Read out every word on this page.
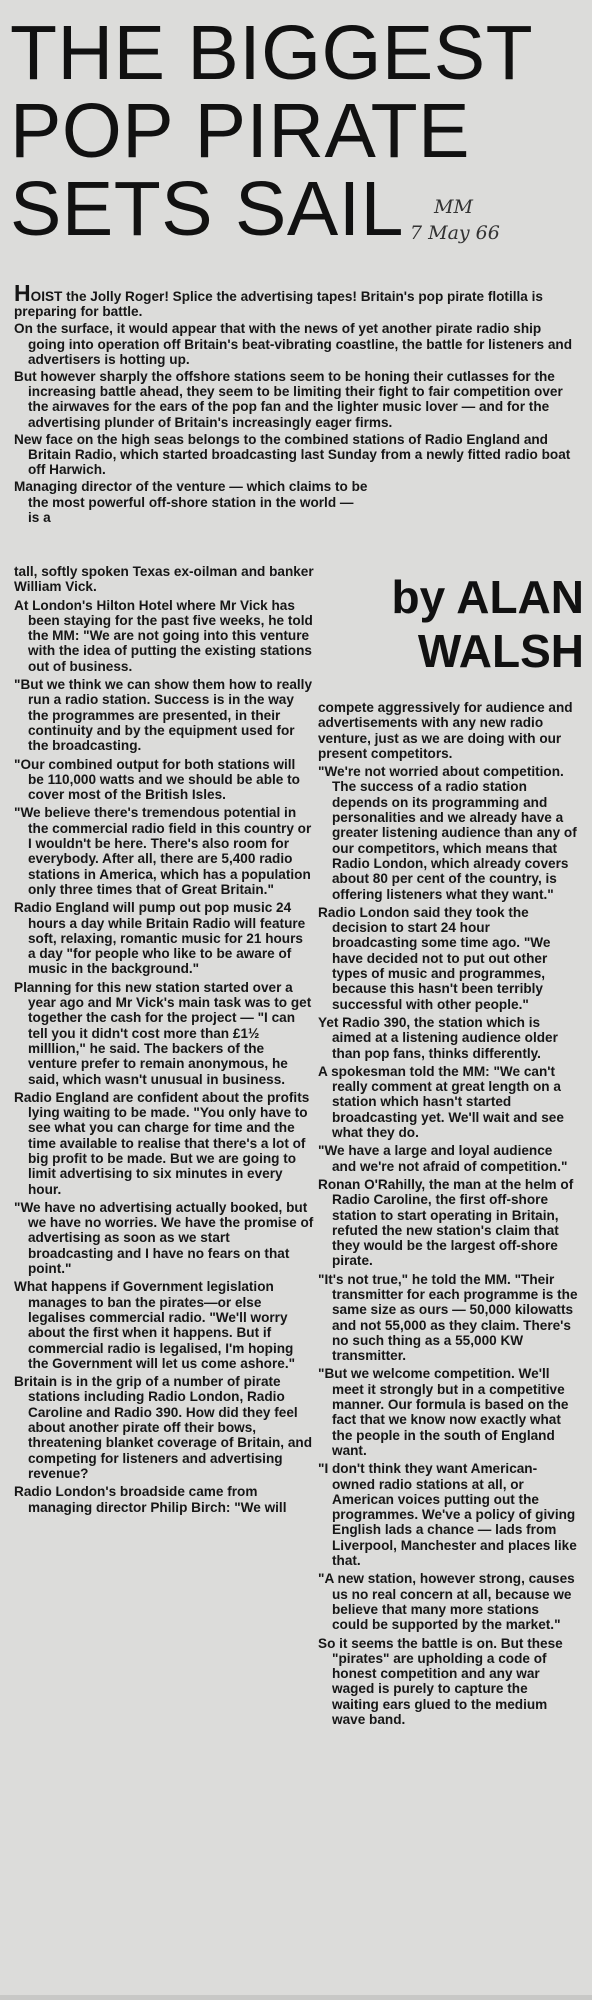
THE BIGGEST
POP PIRATE
SETS SAIL	MM
7 May 66

HOIST the Jolly Roger! Splice the advertising tapes! Britain's pop pirate flotilla is preparing for battle.

On the surface, it would appear that with the news of yet another pirate radio ship going into operation off Britain's beat-vibrating coastline, the battle for listeners and advertisers is hotting up.

But however sharply the offshore stations seem to be honing their cutlasses for the increasing battle ahead, they seem to be limiting their fight to fair competition over the airwaves for the ears of the pop fan and the lighter music lover — and for the advertising plunder of Britain's increasingly eager firms.

New face on the high seas belongs to the combined stations of Radio England and Britain Radio, which started broadcasting last Sunday from a newly fitted radio boat off Harwich.

Managing director of the venture — which claims to be the most powerful off-shore station in the world — is a

by ALAN
WALSH

tall, softly spoken Texas ex-oilman and banker William Vick.

At London's Hilton Hotel where Mr Vick has been staying for the past five weeks, he told the MM: "We are not going into this venture with the idea of putting the existing stations out of business.

"But we think we can show them how to really run a radio station. Success is in the way the programmes are presented, in their continuity and by the equipment used for the broadcasting.

"Our combined output for both stations will be 110,000 watts and we should be able to cover most of the British Isles.

"We believe there's tremendous potential in the commercial radio field in this country or I wouldn't be here. There's also room for everybody. After all, there are 5,400 radio stations in America, which has a population only three times that of Great Britain."

Radio England will pump out pop music 24 hours a day while Britain Radio will feature soft, relaxing, romantic music for 21 hours a day "for people who like to be aware of music in the background."

Planning for this new station started over a year ago and Mr Vick's main task was to get together the cash for the project — "I can tell you it didn't cost more than £1½ milllion," he said. The backers of the venture prefer to remain anonymous, he said, which wasn't unusual in business.

Radio England are confident about the profits lying waiting to be made. "You only have to see what you can charge for time and the time available to realise that there's a lot of big profit to be made. But we are going to limit advertising to six minutes in every hour.

"We have no advertising actually booked, but we have no worries. We have the promise of advertising as soon as we start broadcasting and I have no fears on that point."

What happens if Government legislation manages to ban the pirates—or else legalises commercial radio. "We'll worry about the first when it happens. But if commercial radio is legalised, I'm hoping the Government will let us come ashore."

Britain is in the grip of a number of pirate stations including Radio London, Radio Caroline and Radio 390. How did they feel about another pirate off their bows, threatening blanket coverage of Britain, and competing for listeners and advertising revenue?

Radio London's broadside came from managing director Philip Birch: "We will

compete aggressively for audience and advertisements with any new radio venture, just as we are doing with our present competitors.

"We're not worried about competition. The success of a radio station depends on its programming and personalities and we already have a greater listening audience than any of our competitors, which means that Radio London, which already covers about 80 per cent of the country, is offering listeners what they want."

Radio London said they took the decision to start 24 hour broadcasting some time ago. "We have decided not to put out other types of music and programmes, because this hasn't been terribly successful with other people."

Yet Radio 390, the station which is aimed at a listening audience older than pop fans, thinks differently.

A spokesman told the MM: "We can't really comment at great length on a station which hasn't started broadcasting yet. We'll wait and see what they do.

"We have a large and loyal audience and we're not afraid of competition."

Ronan O'Rahilly, the man at the helm of Radio Caroline, the first off-shore station to start operating in Britain, refuted the new station's claim that they would be the largest off-shore pirate.

"It's not true," he told the MM. "Their transmitter for each programme is the same size as ours — 50,000 kilowatts and not 55,000 as they claim. There's no such thing as a 55,000 KW transmitter.

"But we welcome competition. We'll meet it strongly but in a competitive manner. Our formula is based on the fact that we know now exactly what the people in the south of England want.

"I don't think they want American-owned radio stations at all, or American voices putting out the programmes. We've a policy of giving English lads a chance — lads from Liverpool, Manchester and places like that.

"A new station, however strong, causes us no real concern at all, because we believe that many more stations could be supported by the market."

So it seems the battle is on. But these "pirates" are upholding a code of honest competition and any war waged is purely to capture the waiting ears glued to the medium wave band.
